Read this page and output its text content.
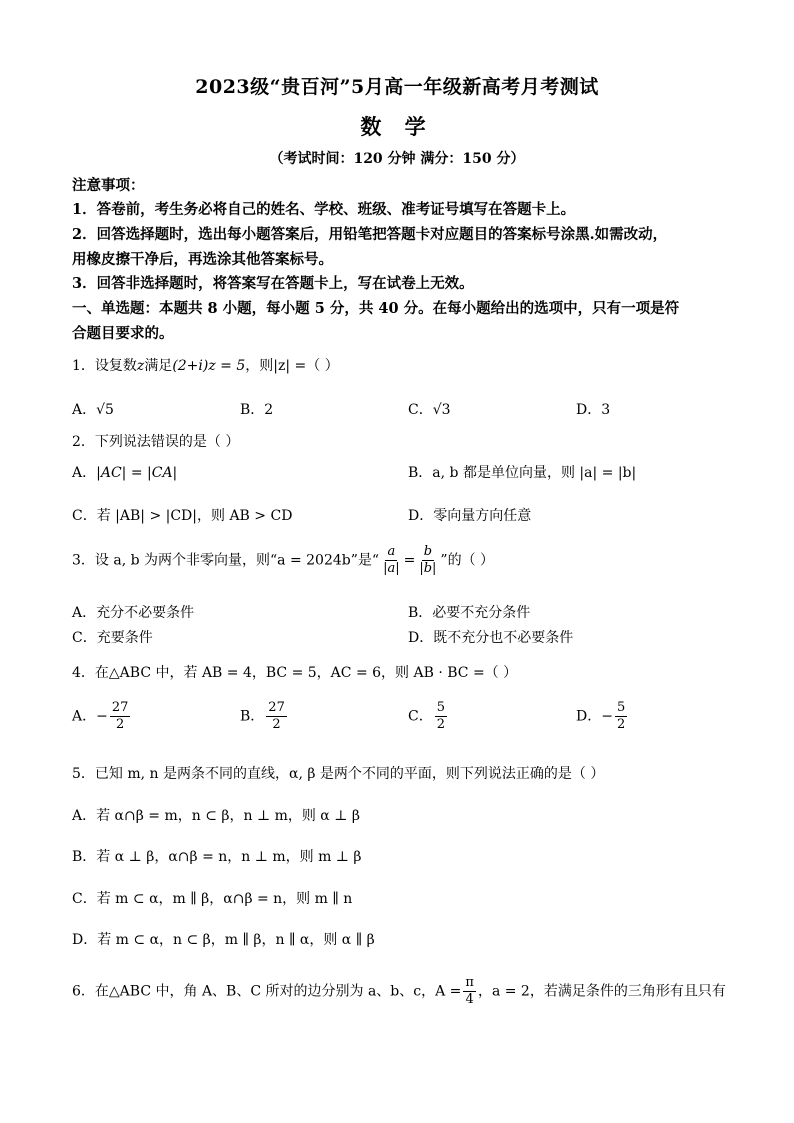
2023级“贵百河”5月高一年级新高考月考测试
数 学
（考试时间：120 分钟 满分：150 分）
注意事项：
1．答卷前，考生务必将自己的姓名、学校、班级、准考证号填写在答题卡上。
2．回答选择题时，选出每小题答案后，用铅笔把答题卡对应题目的答案标号涂黑.如需改动，
用橡皮擦干净后，再选涂其他答案标号。
3．回答非选择题时，将答案写在答题卡上，写在试卷上无效。
一、单选题：本题共 8 小题，每小题 5 分，共 40 分。在每小题给出的选项中，只有一项是符
合题目要求的。
1．设复数z满足(2+i)z = 5，则|z| =（ ）
A．√5	B．2	C．√3	D．3
2．下列说法错误的是（ ）
A．|AC| = |CA|	B．a, b 都是单位向量，则 |a| = |b|
C．若 |AB| > |CD|，则 AB > CD	D．零向量方向任意
3．设 a, b 为两个非零向量，则“a = 2024b”是“ $\frac{a}{|a|} = \frac{b}{|b|}$ ”的（ ）
A．充分不必要条件	B．必要不充分条件
C．充要条件	D．既不充分也不必要条件
4．在△ABC 中，若 AB = 4，BC = 5，AC = 6，则 AB · BC =（ ）
A．− $\frac{27}{2}$	B． $\frac{27}{2}$	C． $\frac{5}{2}$	D．− $\frac{5}{2}$
5．已知 m, n 是两条不同的直线，α, β 是两个不同的平面，则下列说法正确的是（ ）
A．若 α∩β = m，n ⊂ β，n ⊥ m，则 α ⊥ β
B．若 α ⊥ β，α∩β = n，n ⊥ m，则 m ⊥ β
C．若 m ⊂ α，m ∥ β，α∩β = n，则 m ∥ n
D．若 m ⊂ α，n ⊂ β，m ∥ β，n ∥ α，则 α ∥ β
6．在△ABC 中，角 A、B、C 所对的边分别为 a、b、c，$A = \frac{\pi}{4}$ ，a = 2，若满足条件的三角形有且只有
